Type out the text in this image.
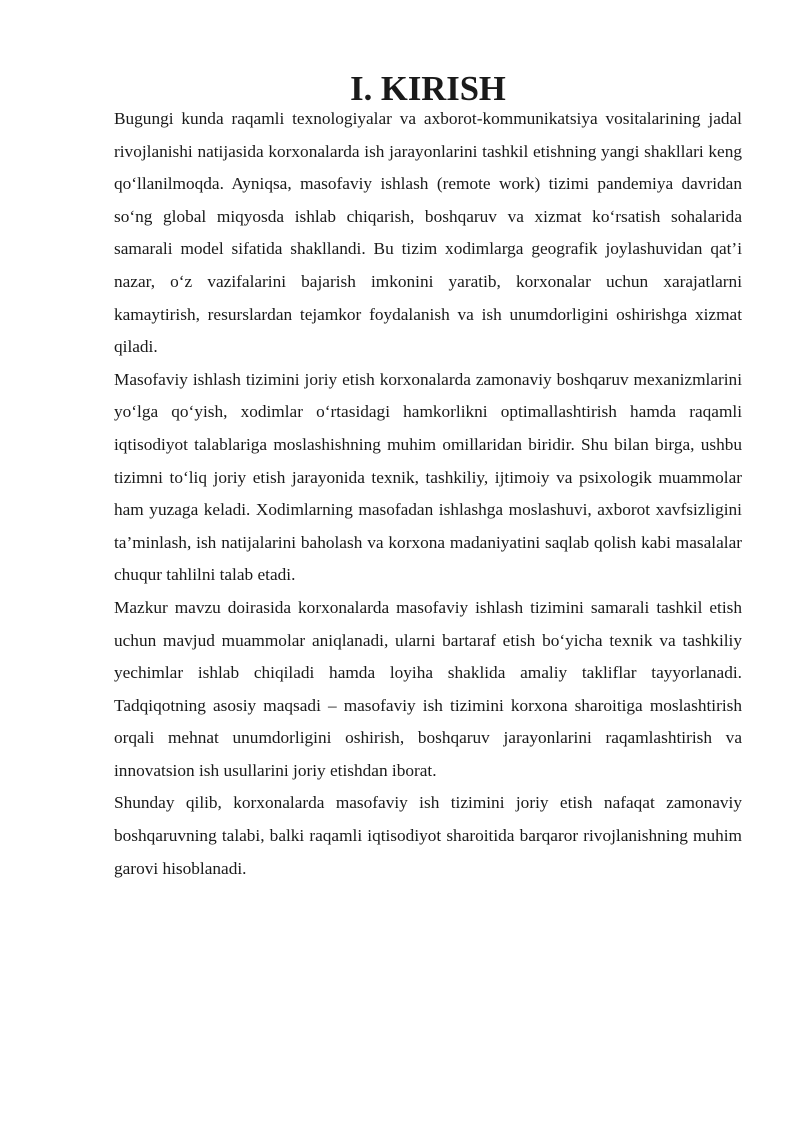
I. KIRISH

Bugungi kunda raqamli texnologiyalar va axborot-kommunikatsiya vositalarining jadal rivojlanishi natijasida korxonalarda ish jarayonlarini tashkil etishning yangi shakllari keng qo‘llanilmoqda. Ayniqsa, masofaviy ishlash (remote work) tizimi pandemiya davridan so‘ng global miqyosda ishlab chiqarish, boshqaruv va xizmat ko‘rsatish sohalarida samarali model sifatida shakllandi. Bu tizim xodimlarga geografik joylashuvidan qat’i nazar, o‘z vazifalarini bajarish imkonini yaratib, korxonalar uchun xarajatlarni kamaytirish, resurslardan tejamkor foydalanish va ish unumdorligini oshirishga xizmat qiladi.

Masofaviy ishlash tizimini joriy etish korxonalarda zamonaviy boshqaruv mexanizmlarini yo‘lga qo‘yish, xodimlar o‘rtasidagi hamkorlikni optimallashtirish hamda raqamli iqtisodiyot talablariga moslashishning muhim omillaridan biridir. Shu bilan birga, ushbu tizimni to‘liq joriy etish jarayonida texnik, tashkiliy, ijtimoiy va psixologik muammolar ham yuzaga keladi. Xodimlarning masofadan ishlashga moslashuvi, axborot xavfsizligini ta’minlash, ish natijalarini baholash va korxona madaniyatini saqlab qolish kabi masalalar chuqur tahlilni talab etadi.

Mazkur mavzu doirasida korxonalarda masofaviy ishlash tizimini samarali tashkil etish uchun mavjud muammolar aniqlanadi, ularni bartaraf etish bo‘yicha texnik va tashkiliy yechimlar ishlab chiqiladi hamda loyiha shaklida amaliy takliflar tayyorlanadi. Tadqiqotning asosiy maqsadi – masofaviy ish tizimini korxona sharoitiga moslashtirish orqali mehnat unumdorligini oshirish, boshqaruv jarayonlarini raqamlashtirish va innovatsion ish usullarini joriy etishdan iborat.

Shunday qilib, korxonalarda masofaviy ish tizimini joriy etish nafaqat zamonaviy boshqaruvning talabi, balki raqamli iqtisodiyot sharoitida barqaror rivojlanishning muhim garovi hisoblanadi.
